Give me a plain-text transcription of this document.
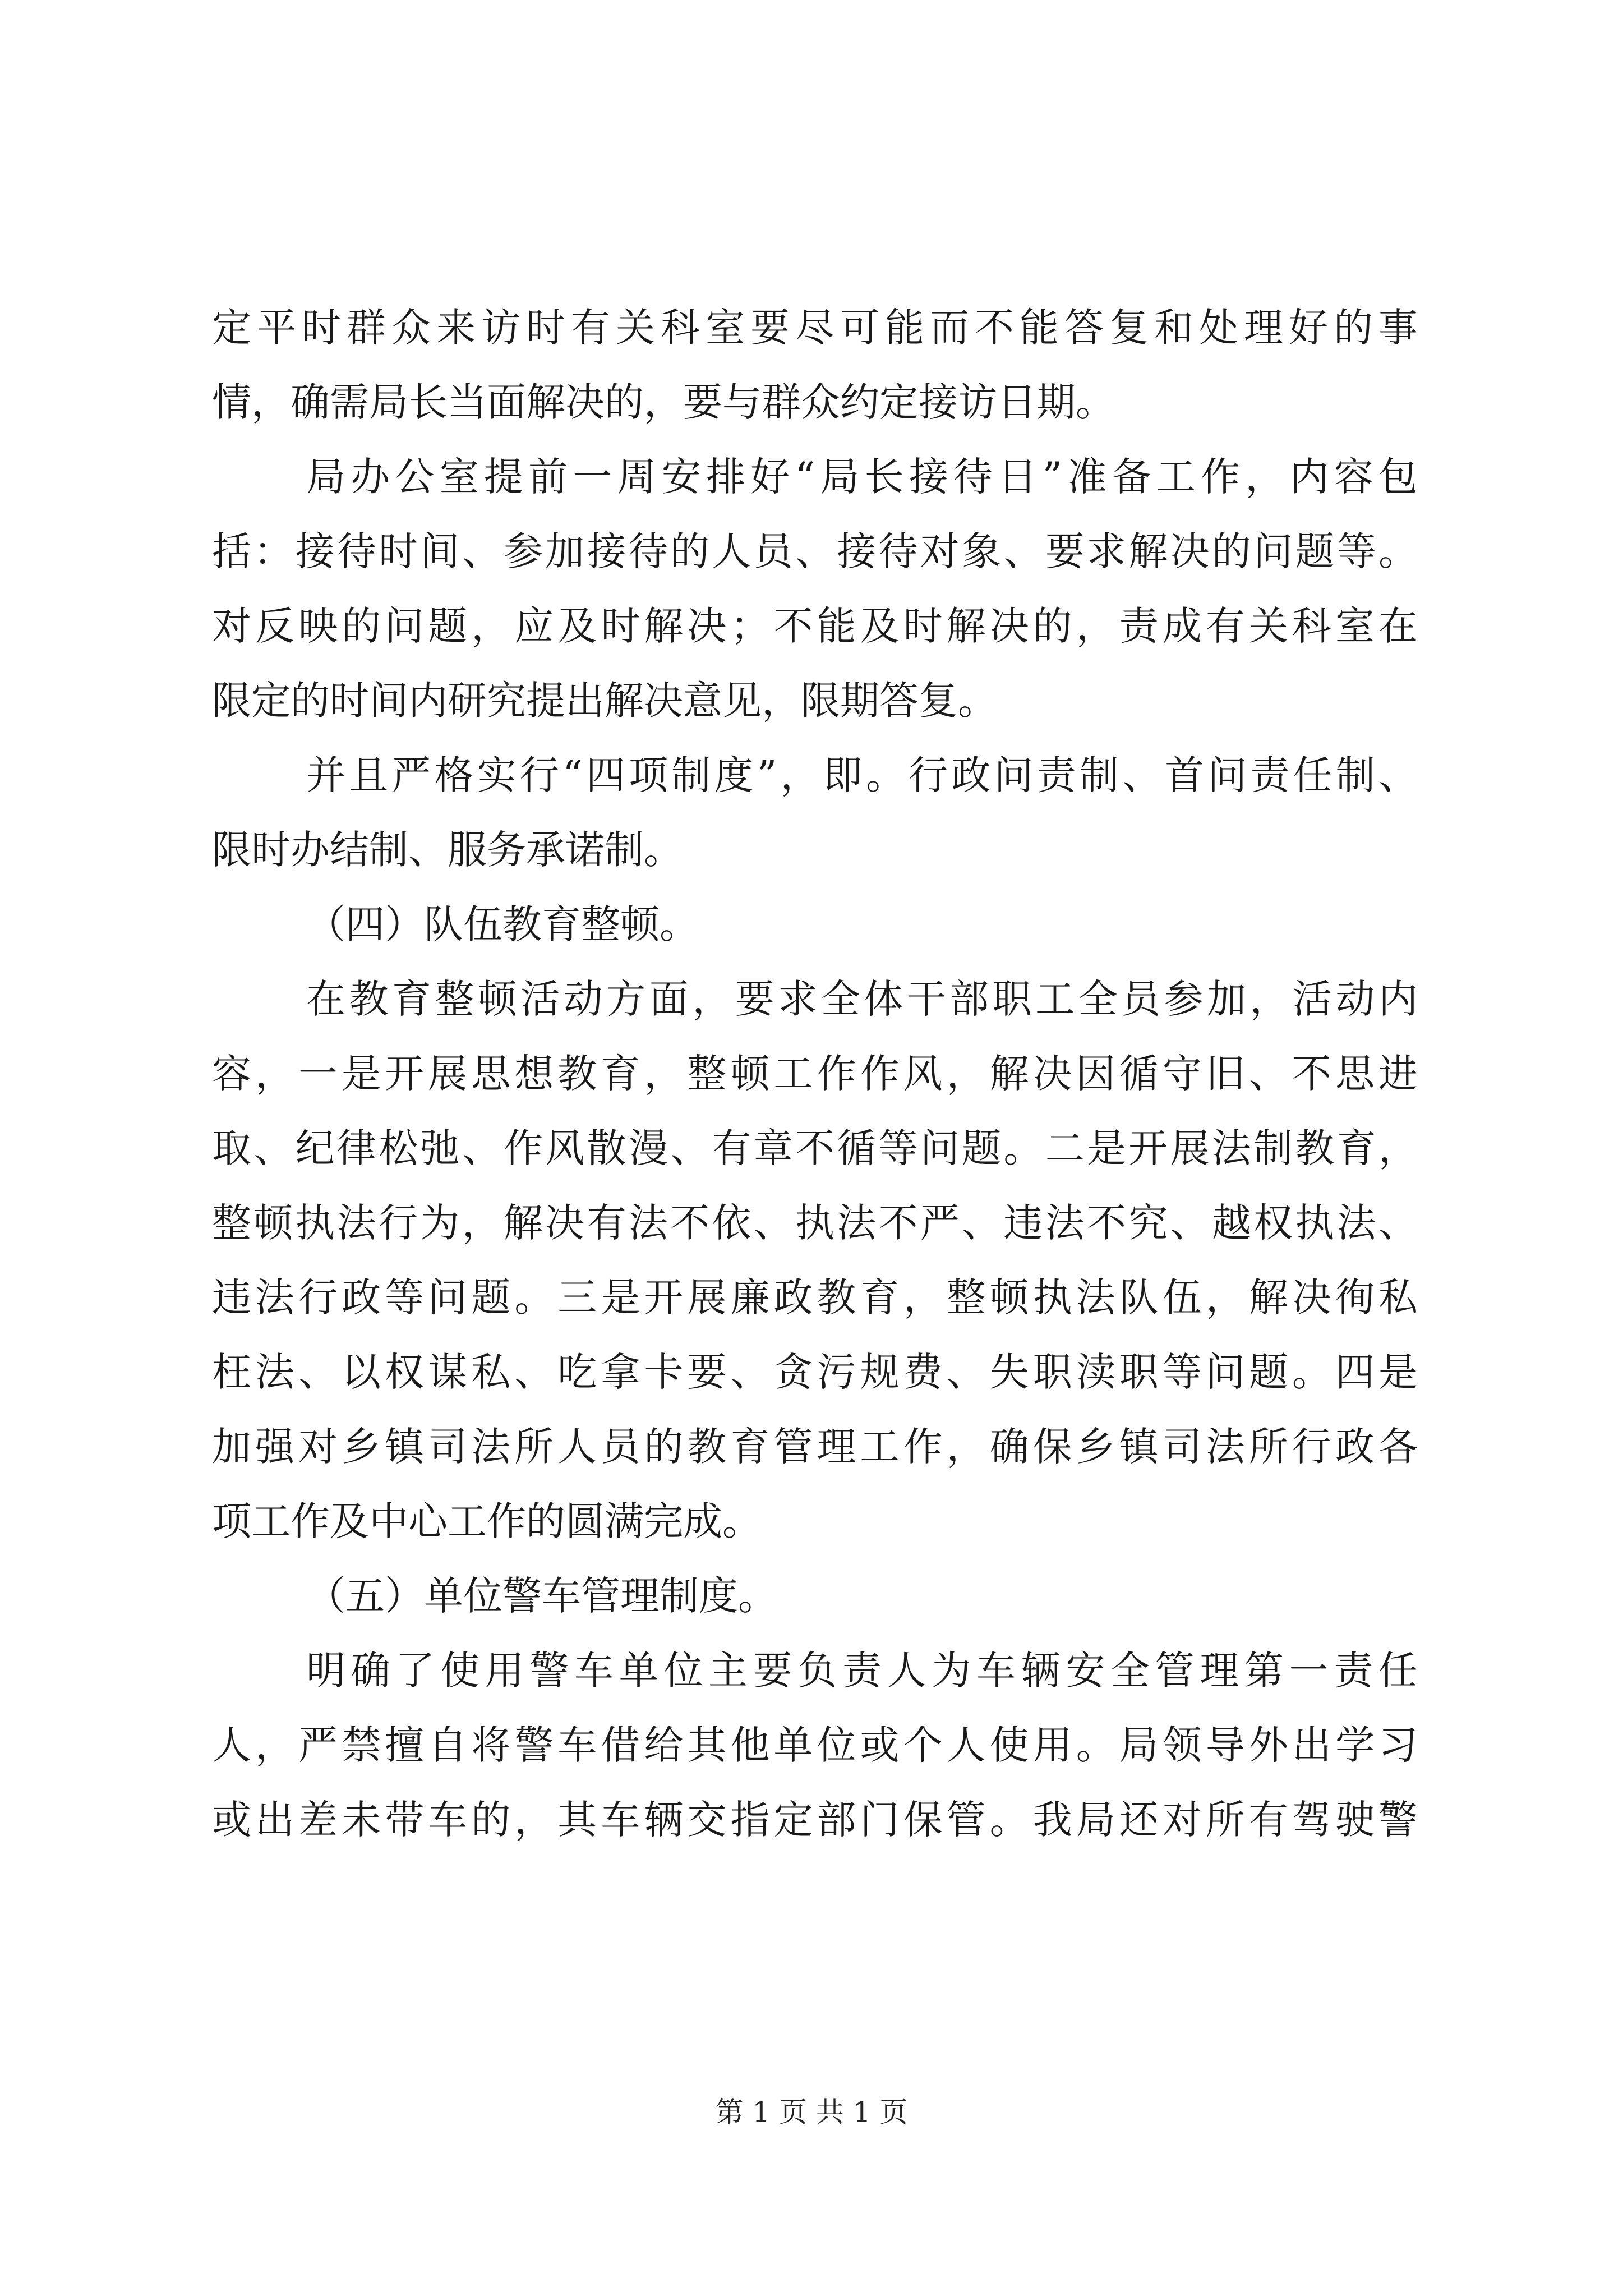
定平时群众来访时有关科室要尽可能而不能答复和处理好的事
情，确需局长当面解决的，要与群众约定接访日期。
局办公室提前一周安排好“局长接待日”准备工作，内容包
括：接待时间、参加接待的人员、接待对象、要求解决的问题等。
对反映的问题，应及时解决；不能及时解决的，责成有关科室在
限定的时间内研究提出解决意见，限期答复。
并且严格实行“四项制度”，即。行政问责制、首问责任制、
限时办结制、服务承诺制。
（四）队伍教育整顿。
在教育整顿活动方面，要求全体干部职工全员参加，活动内
容，一是开展思想教育，整顿工作作风，解决因循守旧、不思进
取、纪律松弛、作风散漫、有章不循等问题。二是开展法制教育，
整顿执法行为，解决有法不依、执法不严、违法不究、越权执法、
违法行政等问题。三是开展廉政教育，整顿执法队伍，解决徇私
枉法、以权谋私、吃拿卡要、贪污规费、失职渎职等问题。四是
加强对乡镇司法所人员的教育管理工作，确保乡镇司法所行政各
项工作及中心工作的圆满完成。
（五）单位警车管理制度。
明确了使用警车单位主要负责人为车辆安全管理第一责任
人，严禁擅自将警车借给其他单位或个人使用。局领导外出学习
或出差未带车的，其车辆交指定部门保管。我局还对所有驾驶警
第 1 页 共 1 页
